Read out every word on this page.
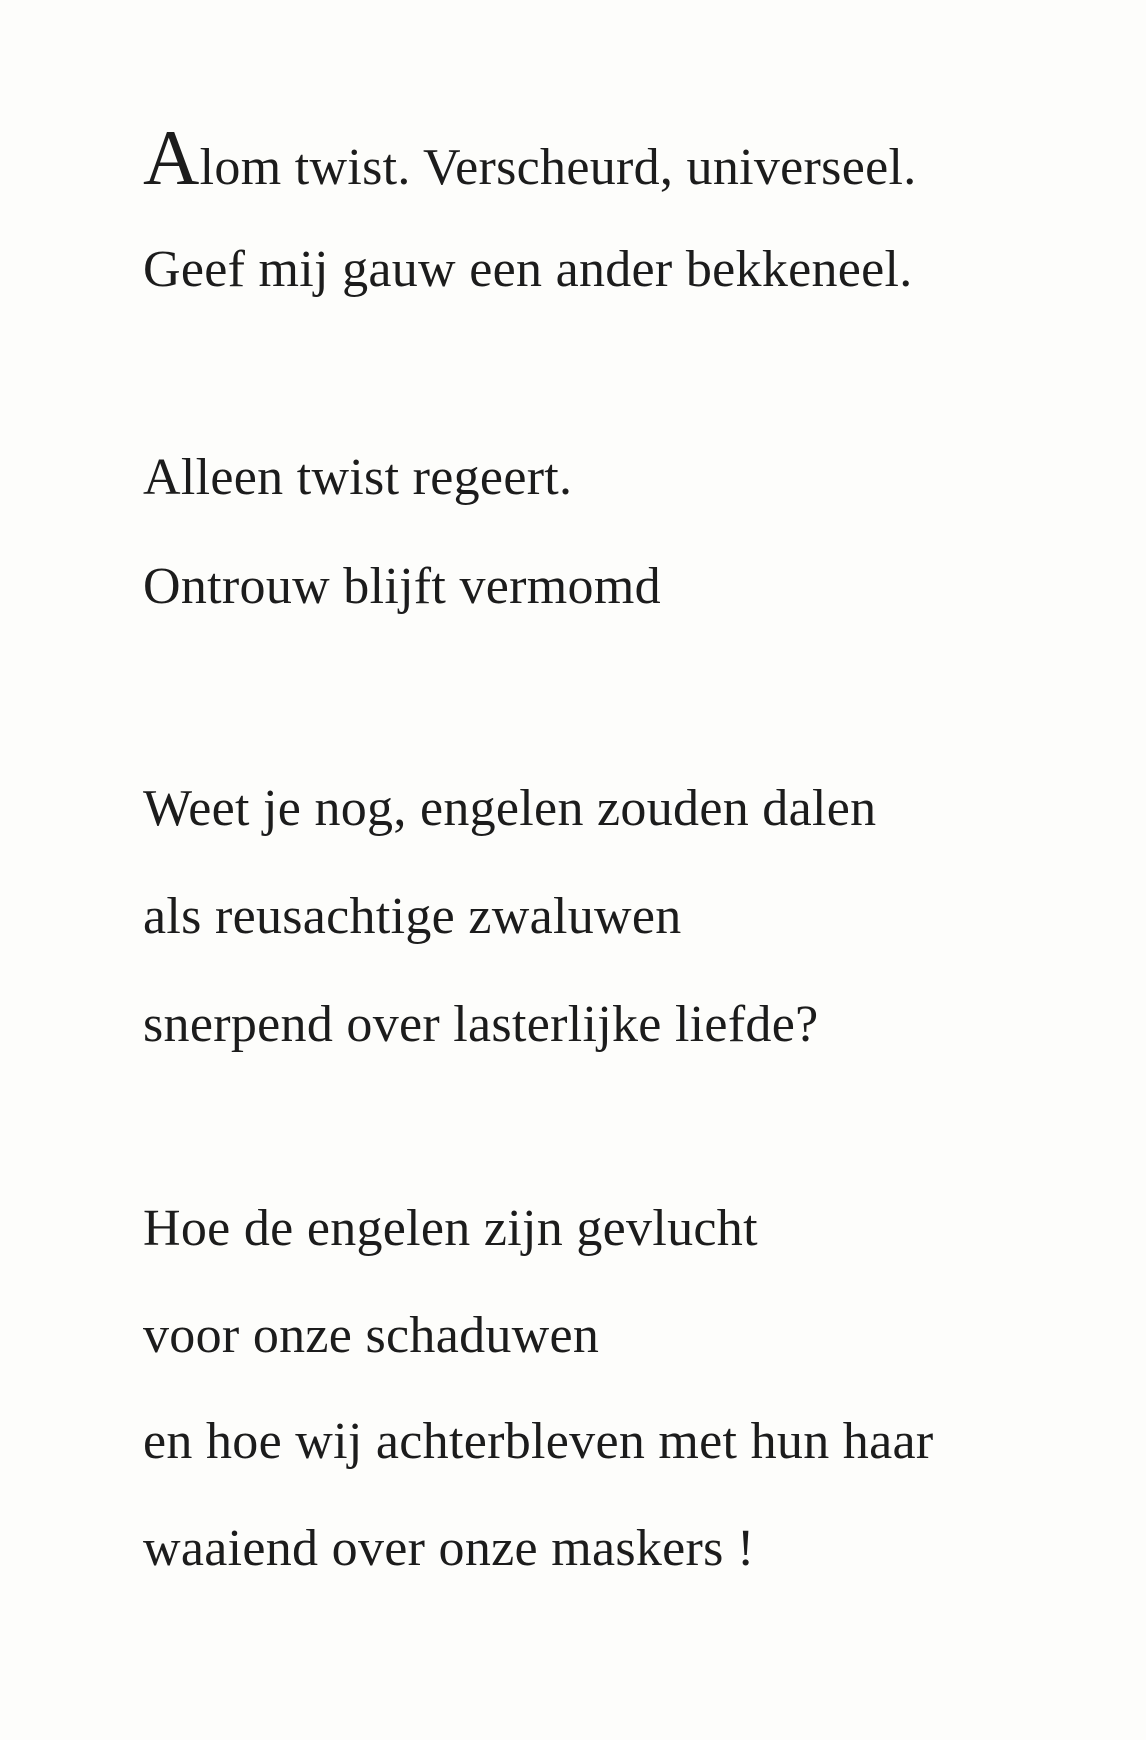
Alom twist. Verscheurd, universeel.
Geef mij gauw een ander bekkeneel.
Alleen twist regeert.
Ontrouw blijft vermomd
Weet je nog, engelen zouden dalen
als reusachtige zwaluwen
snerpend over lasterlijke liefde?
Hoe de engelen zijn gevlucht
voor onze schaduwen
en hoe wij achterbleven met hun haar
waaiend over onze maskers !
